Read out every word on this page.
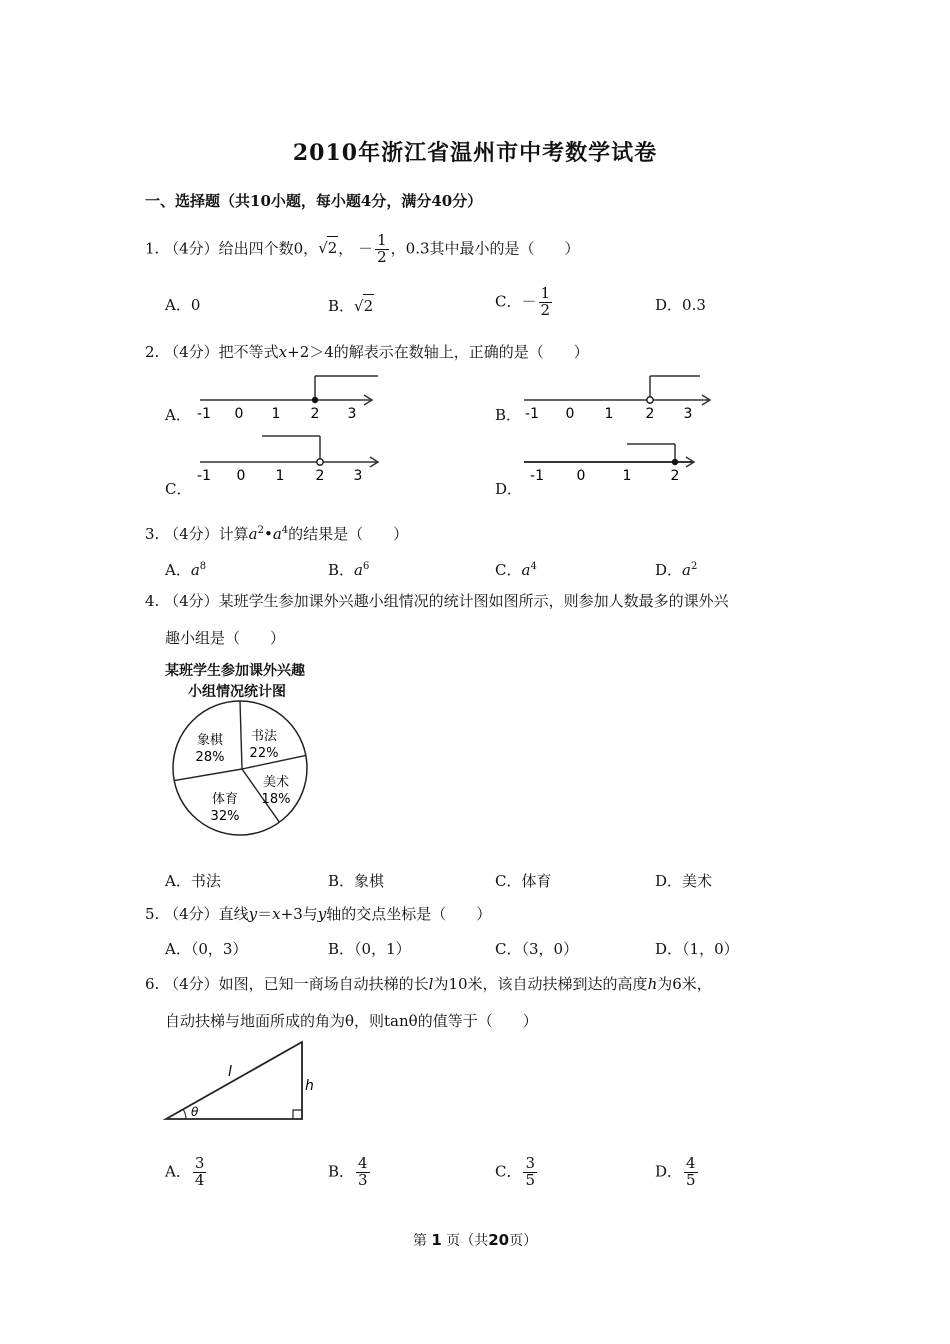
2010年浙江省温州市中考数学试卷
一、选择题（共10小题，每小题4分，满分40分）
1. （4分）给出四个数0，√2， － $\frac{1}{2}$ ，0.3其中最小的是（　　）
A．0	B．√2	C．－ $\frac{1}{2}$	D．0.3
2. （4分）把不等式x+2＞4的解表示在数轴上，正确的是（　　）
A． -1 0 1 2 3	B． -1 0 1 2 3
C．
-1 0 1 2 3
D．
-1 0	1	2
3. （4分）计算$a^2•a^4$的结果是（　　）
A．$a^8$	B．$a^6$	C．$a^4$	D．$a^2$
4. （4分）某班学生参加课外兴趣小组情况的统计图如图所示，则参加人数最多的课外兴
趣小组是（　　）
某班学生参加课外兴趣
小组情况统计图
象棋
28%
书法
22%
美术
18%
体育
32%
A．书法	B．象棋	C．体育	D．美术
5. （4分）直线y＝x+3与y轴的交点坐标是（　　）
A．（0，3）	B．（0，1）	C．（3，0）	D．（1，0）
6. （4分）如图，已知一商场自动扶梯的长l为10米，该自动扶梯到达的高度h为6米，
自动扶梯与地面所成的角为θ，则tanθ的值等于（　　）
l
h
θ
A． $\frac{3}{4}$	B． $\frac{4}{3}$	C． $\frac{3}{5}$	D． $\frac{4}{5}$
第 1 页（共20页）
